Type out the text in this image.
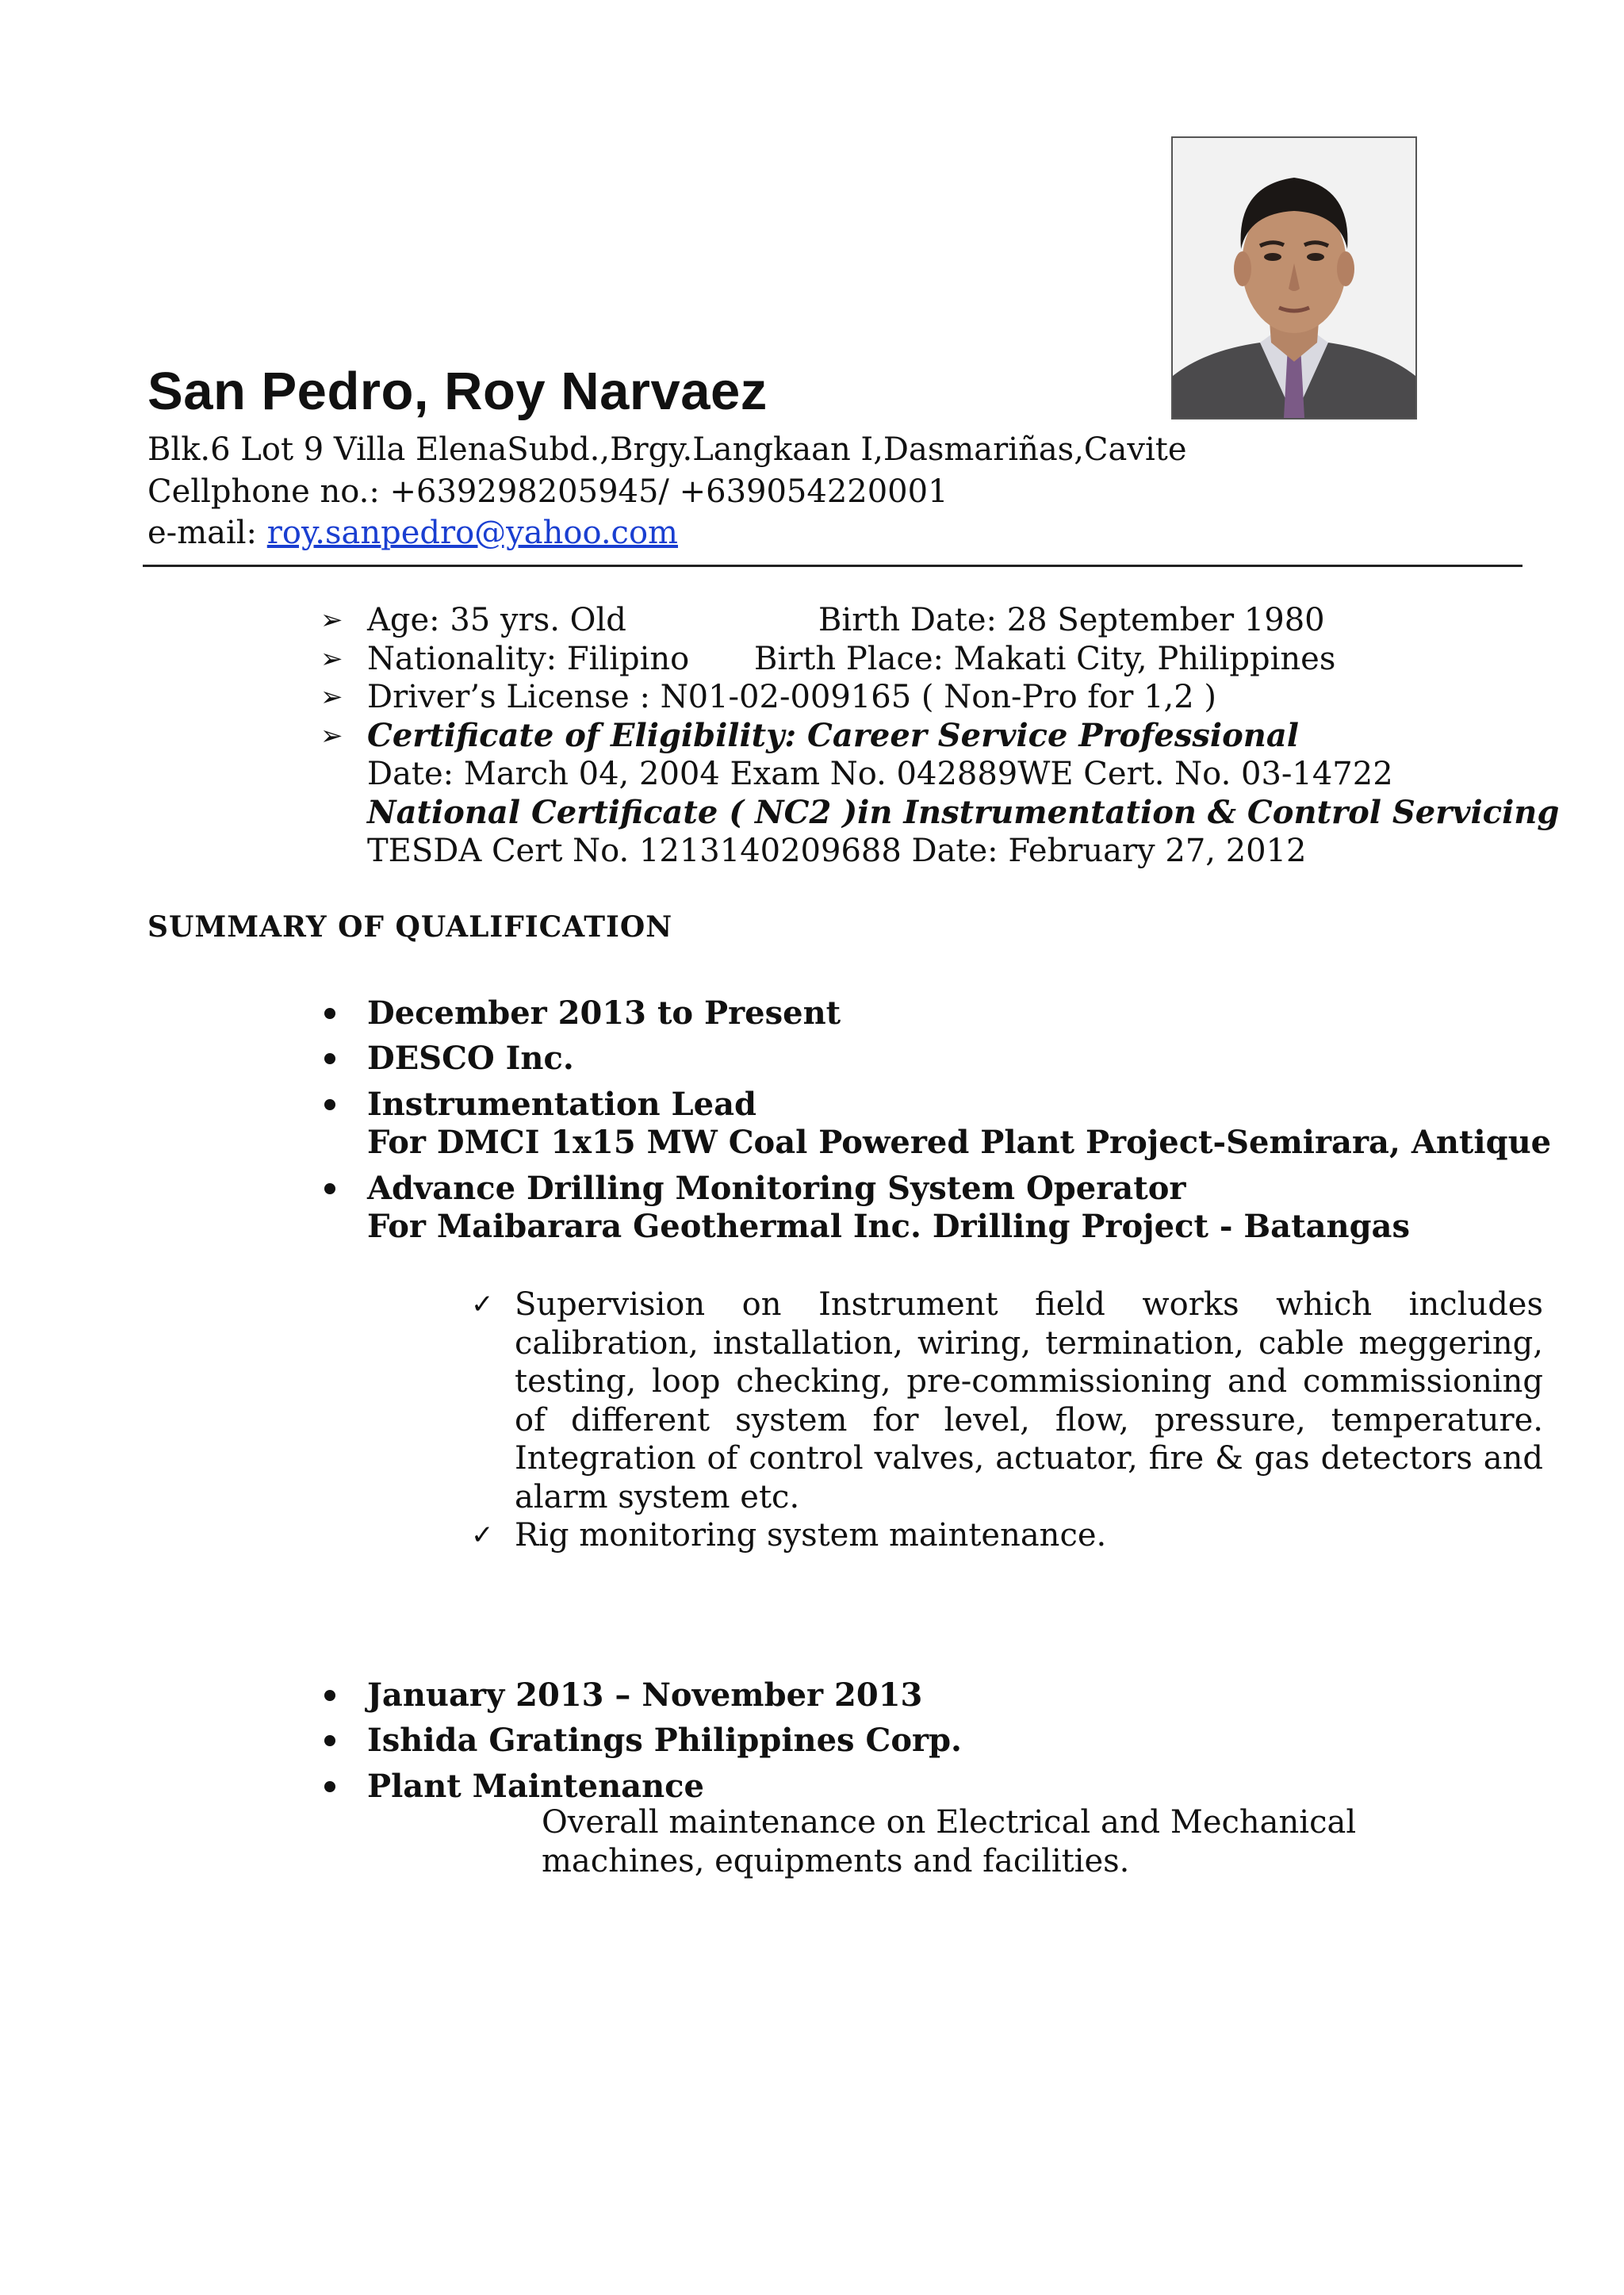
San Pedro, Roy Narvaez
Blk.6 Lot 9 Villa ElenaSubd.,Brgy.Langkaan I,Dasmariñas,Cavite
Cellphone no.: +639298205945/ +639054220001
e-mail: roy.sanpedro@yahoo.com
➢ Age: 35 yrs. Old	Birth Date: 28 September 1980
➢ Nationality: Filipino Birth Place: Makati City, Philippines
➢ Driver’s License : N01-02-009165 ( Non-Pro for 1,2 )
➢ Certificate of Eligibility: Career Service Professional
Date: March 04, 2004 Exam No. 042889WE Cert. No. 03-14722
National Certificate ( NC2 )in Instrumentation & Control Servicing
TESDA Cert No. 1213140209688 Date: February 27, 2012
SUMMARY OF QUALIFICATION
December 2013 to Present
DESCO Inc.
Instrumentation Lead
For DMCI 1x15 MW Coal Powered Plant Project-Semirara, Antique
Advance Drilling Monitoring System Operator
For Maibarara Geothermal Inc. Drilling Project - Batangas
✓ Supervision on Instrument field works which includes calibration, installation, wiring, termination, cable meggering, testing, loop checking, pre-commissioning and commissioning of different system for level, flow, pressure, temperature. Integration of control valves, actuator, fire & gas detectors and alarm system etc.
✓ Rig monitoring system maintenance.
January 2013 – November 2013
Ishida Gratings Philippines Corp.
Plant Maintenance
Overall maintenance on Electrical and Mechanical
machines, equipments and facilities.
